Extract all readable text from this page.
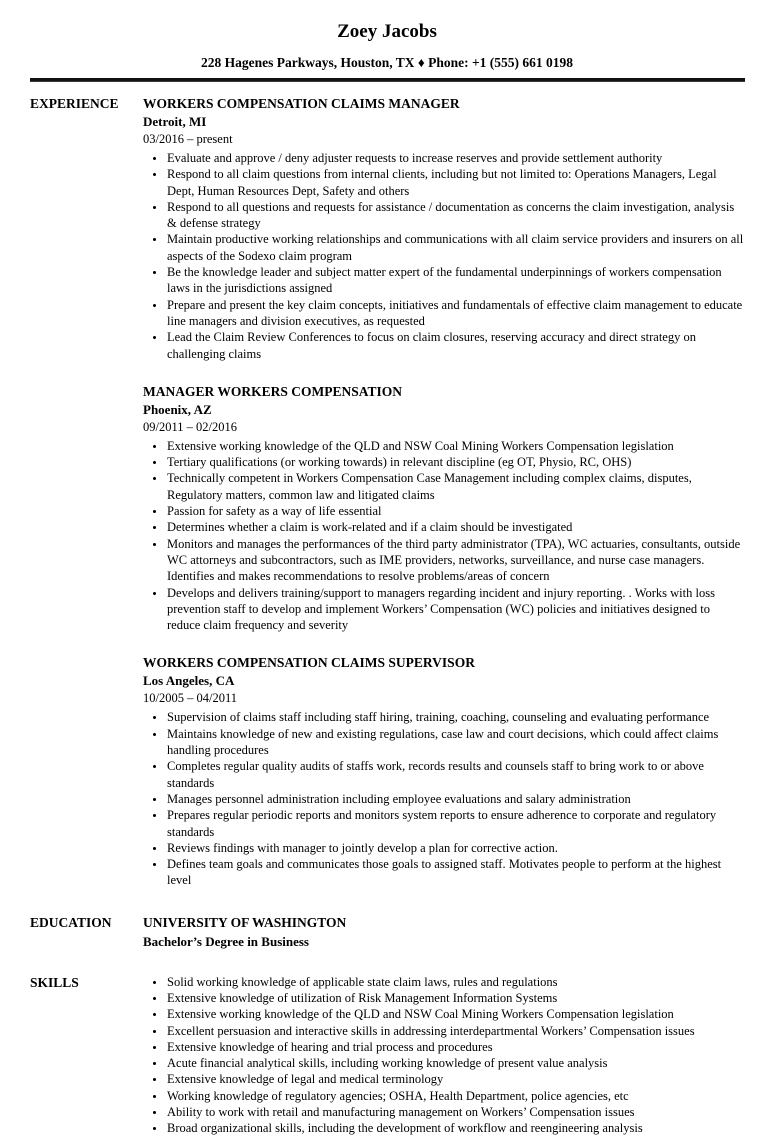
Zoey Jacobs
228 Hagenes Parkways, Houston, TX ♦ Phone: +1 (555) 661 0198
EXPERIENCE	WORKERS COMPENSATION CLAIMS MANAGER
Detroit, MI
03/2016 – present
• Evaluate and approve / deny adjuster requests to increase reserves and provide settlement authority
• Respond to all claim questions from internal clients, including but not limited to: Operations Managers, Legal Dept, Human Resources Dept, Safety and others
• Respond to all questions and requests for assistance / documentation as concerns the claim investigation, analysis & defense strategy
• Maintain productive working relationships and communications with all claim service providers and insurers on all aspects of the Sodexo claim program
• Be the knowledge leader and subject matter expert of the fundamental underpinnings of workers compensation laws in the jurisdictions assigned
• Prepare and present the key claim concepts, initiatives and fundamentals of effective claim management to educate line managers and division executives, as requested
• Lead the Claim Review Conferences to focus on claim closures, reserving accuracy and direct strategy on challenging claims
MANAGER WORKERS COMPENSATION
Phoenix, AZ
09/2011 – 02/2016
• Extensive working knowledge of the QLD and NSW Coal Mining Workers Compensation legislation
• Tertiary qualifications (or working towards) in relevant discipline (eg OT, Physio, RC, OHS)
• Technically competent in Workers Compensation Case Management including complex claims, disputes, Regulatory matters, common law and litigated claims
• Passion for safety as a way of life essential
• Determines whether a claim is work-related and if a claim should be investigated
• Monitors and manages the performances of the third party administrator (TPA), WC actuaries, consultants, outside WC attorneys and subcontractors, such as IME providers, networks, surveillance, and nurse case managers. Identifies and makes recommendations to resolve problems/areas of concern
• Develops and delivers training/support to managers regarding incident and injury reporting. . Works with loss prevention staff to develop and implement Workers’ Compensation (WC) policies and initiatives designed to reduce claim frequency and severity
WORKERS COMPENSATION CLAIMS SUPERVISOR
Los Angeles, CA
10/2005 – 04/2011
• Supervision of claims staff including staff hiring, training, coaching, counseling and evaluating performance
• Maintains knowledge of new and existing regulations, case law and court decisions, which could affect claims handling procedures
• Completes regular quality audits of staffs work, records results and counsels staff to bring work to or above standards
• Manages personnel administration including employee evaluations and salary administration
• Prepares regular periodic reports and monitors system reports to ensure adherence to corporate and regulatory standards
• Reviews findings with manager to jointly develop a plan for corrective action.
• Defines team goals and communicates those goals to assigned staff. Motivates people to perform at the highest level
EDUCATION	UNIVERSITY OF WASHINGTON
Bachelor’s Degree in Business
SKILLS	• Solid working knowledge of applicable state claim laws, rules and regulations
• Extensive knowledge of utilization of Risk Management Information Systems
• Extensive working knowledge of the QLD and NSW Coal Mining Workers Compensation legislation
• Excellent persuasion and interactive skills in addressing interdepartmental Workers’ Compensation issues
• Extensive knowledge of hearing and trial process and procedures
• Acute financial analytical skills, including working knowledge of present value analysis
• Extensive knowledge of legal and medical terminology
• Working knowledge of regulatory agencies; OSHA, Health Department, police agencies, etc
• Ability to work with retail and manufacturing management on Workers’ Compensation issues
• Broad organizational skills, including the development of workflow and reengineering analysis
